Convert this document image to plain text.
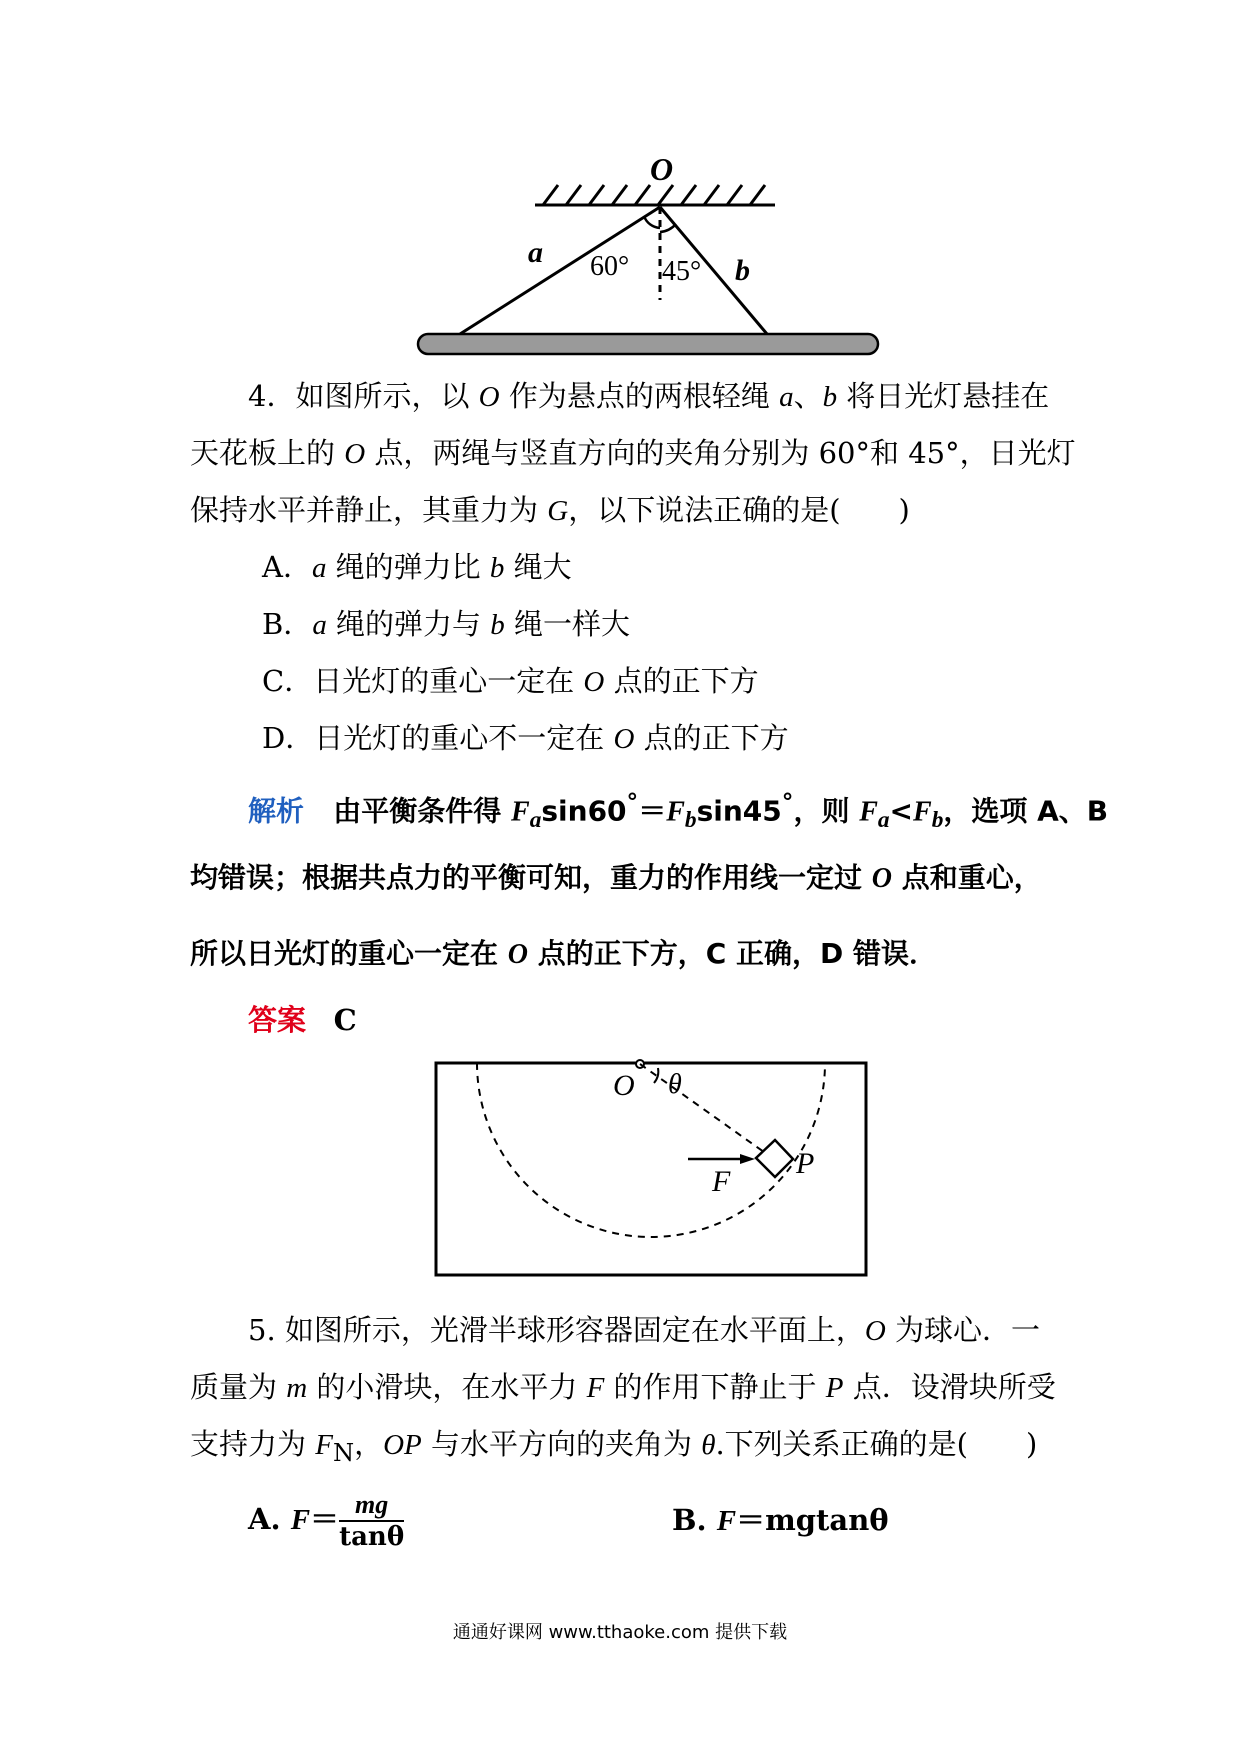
O
a
b
60° 45°
4．如图所示，以 O 作为悬点的两根轻绳 a、b 将日光灯悬挂在
天花板上的 O 点，两绳与竖直方向的夹角分别为 60°和 45°，日光灯
保持水平并静止，其重力为 G，以下说法正确的是(　　)
A．a 绳的弹力比 b 绳大
B．a 绳的弹力与 b 绳一样大
C．日光灯的重心一定在 O 点的正下方
D．日光灯的重心不一定在 O 点的正下方
解析 由平衡条件得 $F_a\sin 60^\circ=F_b\sin 45^\circ$，则 $F_a<F_b$，选项 A、B
均错误；根据共点力的平衡可知，重力的作用线一定过 O 点和重心，
所以日光灯的重心一定在 O 点的正下方，C 正确，D 错误．
答案 C
O θ
F
P
5. 如图所示，光滑半球形容器固定在水平面上，O 为球心．一
质量为 m 的小滑块，在水平力 F 的作用下静止于 P 点．设滑块所受
支持力为 $F_N$，OP 与水平方向的夹角为 θ.下列关系正确的是(　　)
A. $F= \frac{mg}{\tan\theta}$	B. F＝mgtanθ
通通好课网 www.tthaoke.com 提供下载
